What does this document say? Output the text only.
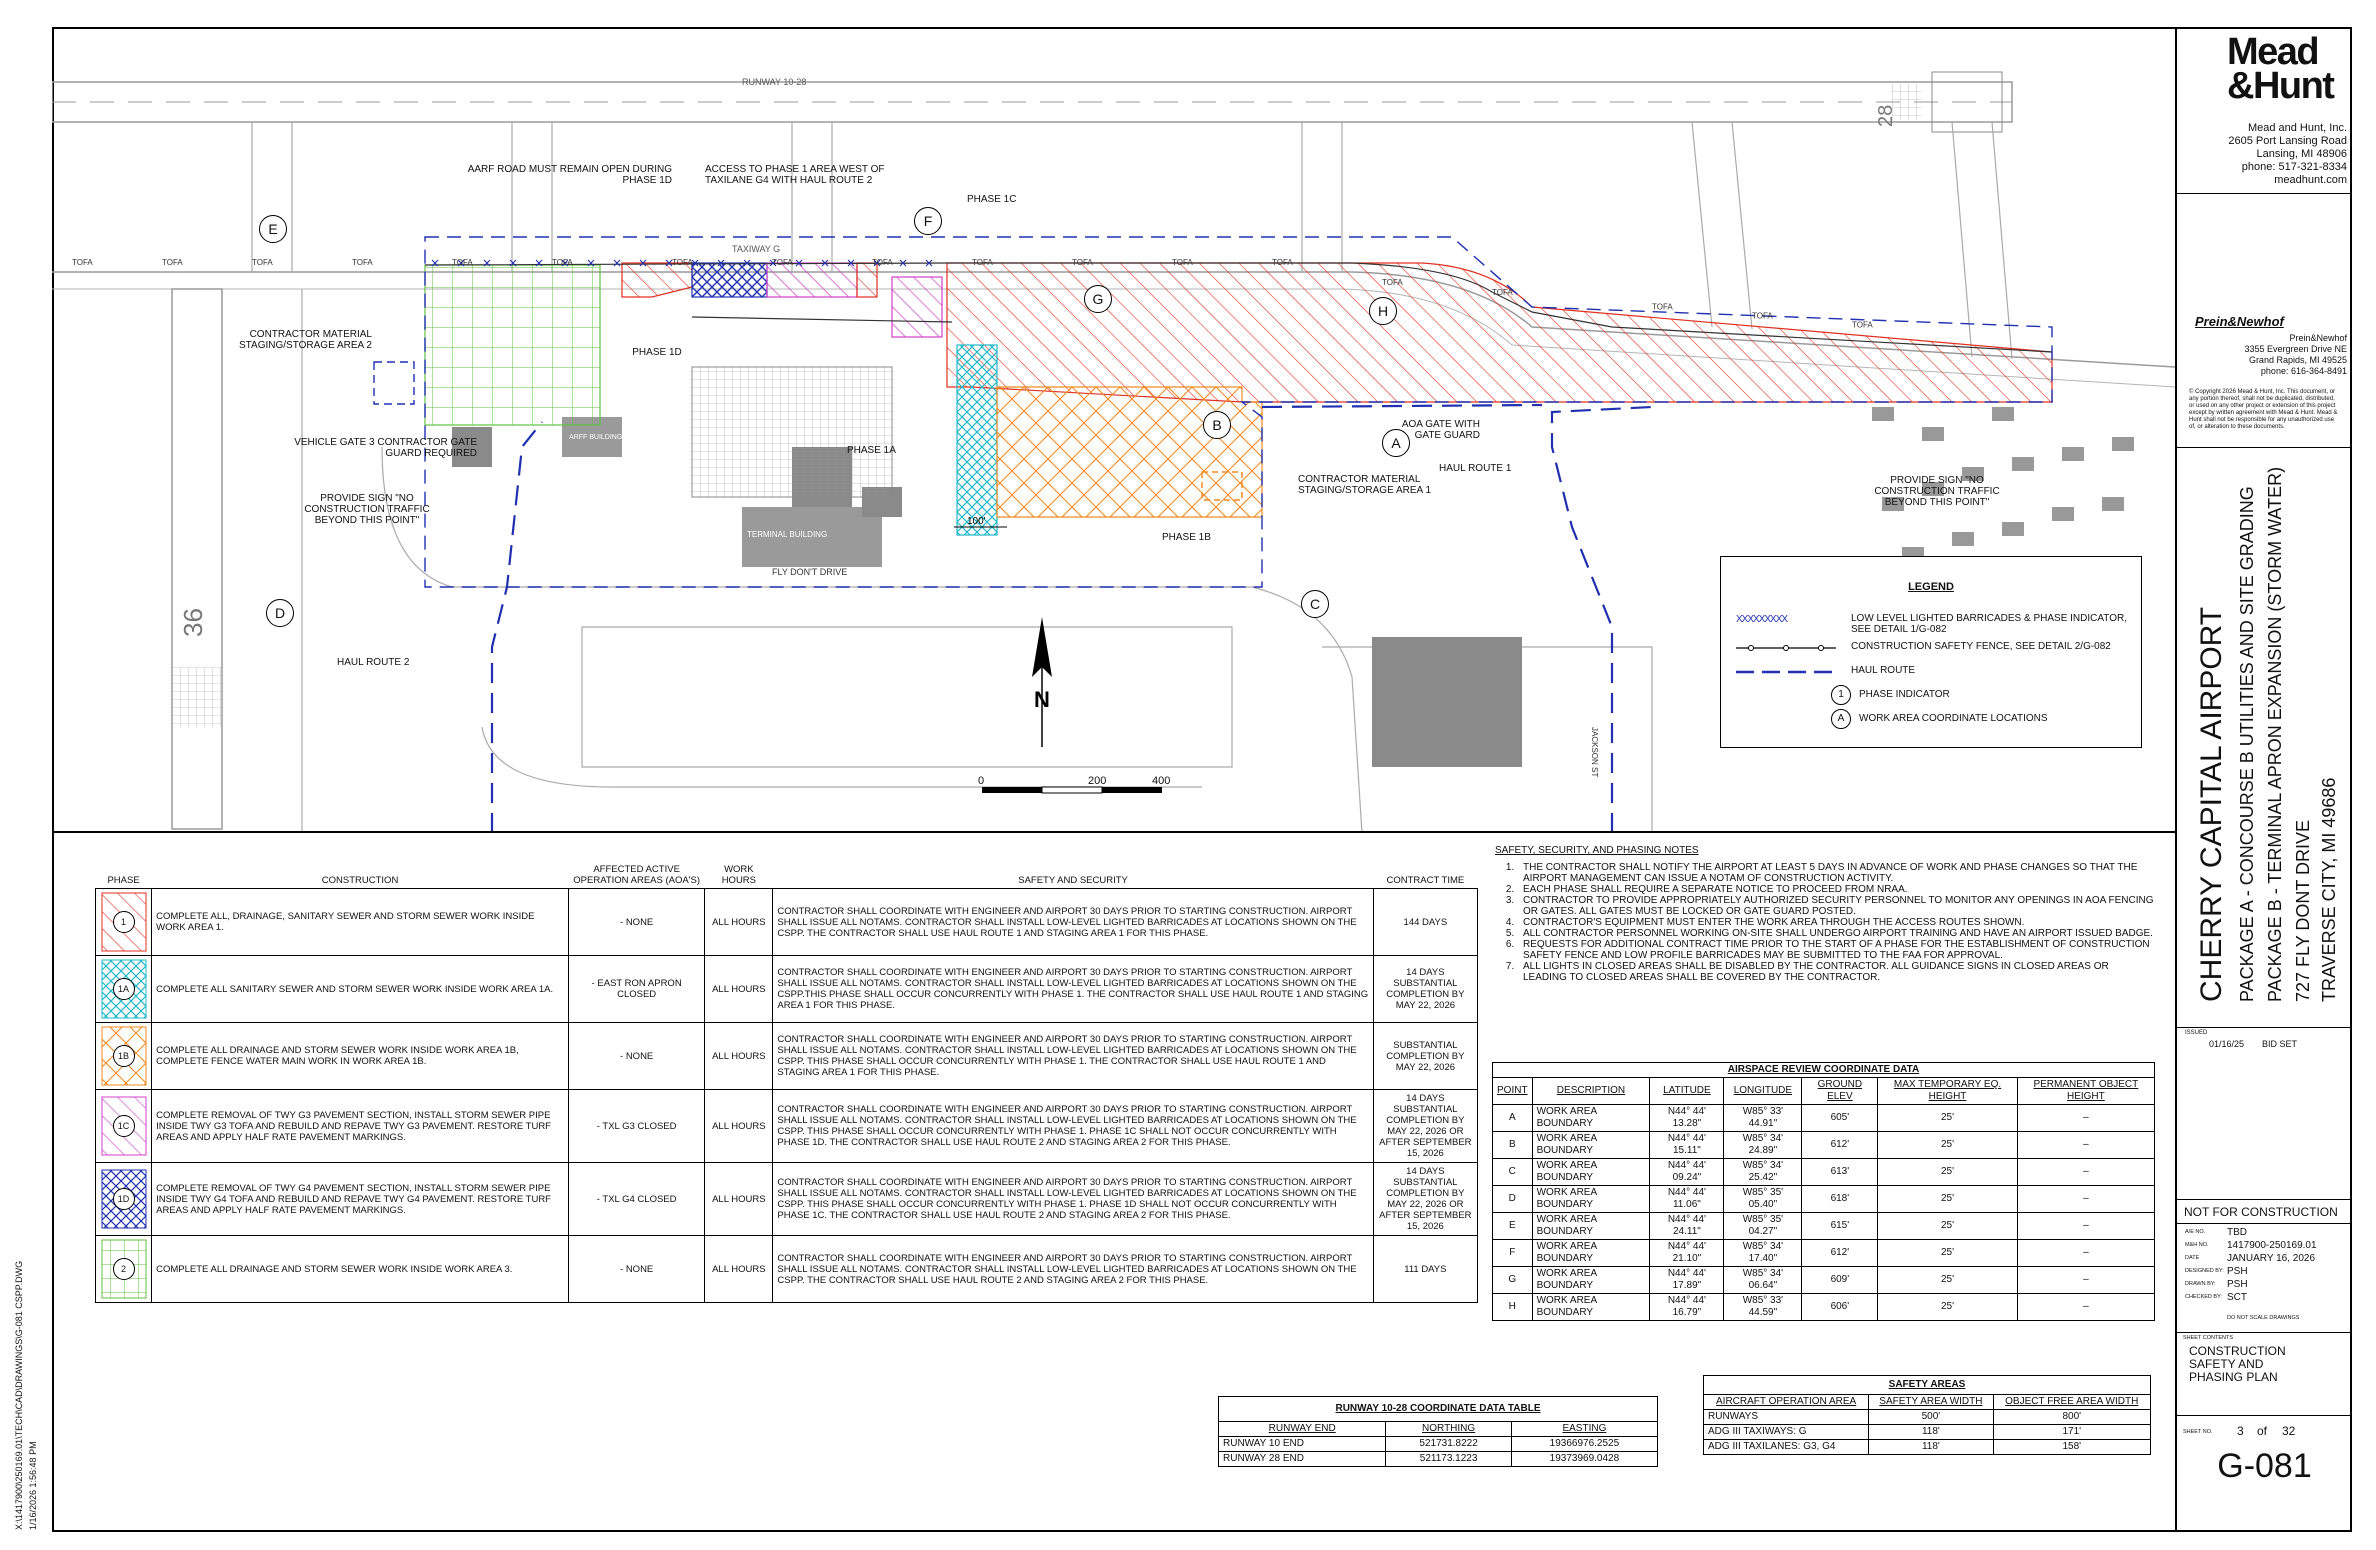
36
28
100'
N
RUNWAY 10-28
TAXIWAY G
FLY DON'T DRIVE
TERMINAL BUILDING
ARFF BUILDING
JACKSON ST
TOFA	TOFA	TOFA	TOFA	TOFA	TOFA	TOFA	TOFA	TOFA	TOFA	TOFA	TOFA	TOFA
TOFA
TOFA
TOFA
TOFA
TOFA
E	F
G
H
B
C
D
A
AARF ROAD MUST REMAIN OPEN DURING PHASE 1D
ACCESS TO PHASE 1 AREA WEST OF TAXILANE G4 WITH HAUL ROUTE 2
PHASE 1C
CONTRACTOR MATERIAL STAGING/STORAGE AREA 2
PHASE 1D
VEHICLE GATE 3 CONTRACTOR GATE GUARD REQUIRED
PROVIDE SIGN "NO CONSTRUCTION TRAFFIC BEYOND THIS POINT"
PHASE 1A
PHASE 1B
CONTRACTOR MATERIAL STAGING/STORAGE AREA 1
AOA GATE WITH GATE GUARD
HAUL ROUTE 1
HAUL ROUTE 2
PROVIDE SIGN "NO CONSTRUCTION TRAFFIC BEYOND THIS POINT"
0	200	400
LEGEND
XXXXXXXXX	LOW LEVEL LIGHTED BARRICADES & PHASE INDICATOR, SEE DETAIL 1/G-082
CONSTRUCTION SAFETY FENCE, SEE DETAIL 2/G-082
HAUL ROUTE
1	PHASE INDICATOR
A	WORK AREA COORDINATE LOCATIONS
PHASE	CONSTRUCTION	AFFECTED ACTIVE OPERATION AREAS (AOA'S)	WORK HOURS	SAFETY AND SECURITY	CONTRACT TIME

1	COMPLETE ALL, DRAINAGE, SANITARY SEWER AND STORM SEWER WORK INSIDE WORK AREA 1.	- NONE	ALL HOURS	CONTRACTOR SHALL COORDINATE WITH ENGINEER AND AIRPORT 30 DAYS PRIOR TO STARTING CONSTRUCTION. AIRPORT SHALL ISSUE ALL NOTAMS. CONTRACTOR SHALL INSTALL LOW-LEVEL LIGHTED BARRICADES AT LOCATIONS SHOWN ON THE CSPP. THE CONTRACTOR SHALL USE HAUL ROUTE 1 AND STAGING AREA 1 FOR THIS PHASE.	144 DAYS

1A	COMPLETE ALL SANITARY SEWER AND STORM SEWER WORK INSIDE WORK AREA 1A.	- EAST RON APRON CLOSED	ALL HOURS	CONTRACTOR SHALL COORDINATE WITH ENGINEER AND AIRPORT 30 DAYS PRIOR TO STARTING CONSTRUCTION. AIRPORT SHALL ISSUE ALL NOTAMS. CONTRACTOR SHALL INSTALL LOW-LEVEL LIGHTED BARRICADES AT LOCATIONS SHOWN ON THE CSPP.THIS PHASE SHALL OCCUR CONCURRENTLY WITH PHASE 1. THE CONTRACTOR SHALL USE HAUL ROUTE 1 AND STAGING AREA 1 FOR THIS PHASE.	14 DAYS SUBSTANTIAL COMPLETION BY MAY 22, 2026

1B	COMPLETE ALL DRAINAGE AND STORM SEWER WORK INSIDE WORK AREA 1B, COMPLETE FENCE WATER MAIN WORK IN WORK AREA 1B.	- NONE	ALL HOURS	CONTRACTOR SHALL COORDINATE WITH ENGINEER AND AIRPORT 30 DAYS PRIOR TO STARTING CONSTRUCTION. AIRPORT SHALL ISSUE ALL NOTAMS. CONTRACTOR SHALL INSTALL LOW-LEVEL LIGHTED BARRICADES AT LOCATIONS SHOWN ON THE CSPP. THIS PHASE SHALL OCCUR CONCURRENTLY WITH PHASE 1. THE CONTRACTOR SHALL USE HAUL ROUTE 1 AND STAGING AREA 1 FOR THIS PHASE.	SUBSTANTIAL COMPLETION BY MAY 22, 2026

1C	COMPLETE REMOVAL OF TWY G3 PAVEMENT SECTION, INSTALL STORM SEWER PIPE INSIDE TWY G3 TOFA AND REBUILD AND REPAVE TWY G3 PAVEMENT. RESTORE TURF AREAS AND APPLY HALF RATE PAVEMENT MARKINGS.	- TXL G3 CLOSED	ALL HOURS	CONTRACTOR SHALL COORDINATE WITH ENGINEER AND AIRPORT 30 DAYS PRIOR TO STARTING CONSTRUCTION. AIRPORT SHALL ISSUE ALL NOTAMS. CONTRACTOR SHALL INSTALL LOW-LEVEL LIGHTED BARRICADES AT LOCATIONS SHOWN ON THE CSPP. THIS PHASE SHALL OCCUR CONCURRENTLY WITH PHASE 1. PHASE 1C SHALL NOT OCCUR CONCURRENTLY WITH PHASE 1D. THE CONTRACTOR SHALL USE HAUL ROUTE 2 AND STAGING AREA 2 FOR THIS PHASE.	14 DAYS SUBSTANTIAL COMPLETION BY MAY 22, 2026 OR AFTER SEPTEMBER 15, 2026

1D	COMPLETE REMOVAL OF TWY G4 PAVEMENT SECTION, INSTALL STORM SEWER PIPE INSIDE TWY G4 TOFA AND REBUILD AND REPAVE TWY G4 PAVEMENT. RESTORE TURF AREAS AND APPLY HALF RATE PAVEMENT MARKINGS.	- TXL G4 CLOSED	ALL HOURS	CONTRACTOR SHALL COORDINATE WITH ENGINEER AND AIRPORT 30 DAYS PRIOR TO STARTING CONSTRUCTION. AIRPORT SHALL ISSUE ALL NOTAMS. CONTRACTOR SHALL INSTALL LOW-LEVEL LIGHTED BARRICADES AT LOCATIONS SHOWN ON THE CSPP. THIS PHASE SHALL OCCUR CONCURRENTLY WITH PHASE 1. PHASE 1D SHALL NOT OCCUR CONCURRENTLY WITH PHASE 1C. THE CONTRACTOR SHALL USE HAUL ROUTE 2 AND STAGING AREA 2 FOR THIS PHASE.	14 DAYS SUBSTANTIAL COMPLETION BY MAY 22, 2026 OR AFTER SEPTEMBER 15, 2026

2	COMPLETE ALL DRAINAGE AND STORM SEWER WORK INSIDE WORK AREA 3.	- NONE	ALL HOURS	CONTRACTOR SHALL COORDINATE WITH ENGINEER AND AIRPORT 30 DAYS PRIOR TO STARTING CONSTRUCTION. AIRPORT SHALL ISSUE ALL NOTAMS. CONTRACTOR SHALL INSTALL LOW-LEVEL LIGHTED BARRICADES AT LOCATIONS SHOWN ON THE CSPP. THE CONTRACTOR SHALL USE HAUL ROUTE 2 AND STAGING AREA 2 FOR THIS PHASE.	111 DAYS
SAFETY, SECURITY, AND PHASING NOTES
1. THE CONTRACTOR SHALL NOTIFY THE AIRPORT AT LEAST 5 DAYS IN ADVANCE OF WORK AND PHASE CHANGES SO THAT THE AIRPORT MANAGEMENT CAN ISSUE A NOTAM OF CONSTRUCTION ACTIVITY.
2. EACH PHASE SHALL REQUIRE A SEPARATE NOTICE TO PROCEED FROM NRAA.
3. CONTRACTOR TO PROVIDE APPROPRIATELY AUTHORIZED SECURITY PERSONNEL TO MONITOR ANY OPENINGS IN AOA FENCING OR GATES. ALL GATES MUST BE LOCKED OR GATE GUARD POSTED.
4. CONTRACTOR'S EQUIPMENT MUST ENTER THE WORK AREA THROUGH THE ACCESS ROUTES SHOWN.
5. ALL CONTRACTOR PERSONNEL WORKING ON-SITE SHALL UNDERGO AIRPORT TRAINING AND HAVE AN AIRPORT ISSUED BADGE.
6. REQUESTS FOR ADDITIONAL CONTRACT TIME PRIOR TO THE START OF A PHASE FOR THE ESTABLISHMENT OF CONSTRUCTION SAFETY FENCE AND LOW PROFILE BARRICADES MAY BE SUBMITTED TO THE FAA FOR APPROVAL.
7. ALL LIGHTS IN CLOSED AREAS SHALL BE DISABLED BY THE CONTRACTOR. ALL GUIDANCE SIGNS IN CLOSED AREAS OR LEADING TO CLOSED AREAS SHALL BE COVERED BY THE CONTRACTOR.
AIRSPACE REVIEW COORDINATE DATA						
POINT	DESCRIPTION	LATITUDE	LONGITUDE	GROUND ELEV	MAX TEMPORARY EQ. HEIGHT	PERMANENT OBJECT HEIGHT
A	WORK AREA BOUNDARY	N44° 44' 13.28"	W85° 33' 44.91"	605'	25'	–
B	WORK AREA BOUNDARY	N44° 44' 15.11"	W85° 34' 24.89"	612'	25'	–
C	WORK AREA BOUNDARY	N44° 44' 09.24"	W85° 34' 25.42"	613'	25'	–
D	WORK AREA BOUNDARY	N44° 44' 11.06"	W85° 35' 05.40"	618'	25'	–
E	WORK AREA BOUNDARY	N44° 44' 24.11"	W85° 35' 04.27"	615'	25'	–
F	WORK AREA BOUNDARY	N44° 44' 21.10"	W85° 34' 17.40"	612'	25'	–
G	WORK AREA BOUNDARY	N44° 44' 17.89"	W85° 34' 06.64"	609'	25'	–
H	WORK AREA BOUNDARY	N44° 44' 16.79"	W85° 33' 44.59"	606'	25'	–
RUNWAY 10-28 COORDINATE DATA TABLE		
RUNWAY END	NORTHING	EASTING
RUNWAY 10 END	521731.8222	19366976.2525
RUNWAY 28 END	521173.1223	19373969.0428
SAFETY AREAS		
AIRCRAFT OPERATION AREA	SAFETY AREA WIDTH	OBJECT FREE AREA WIDTH
RUNWAYS	500'	800'
ADG III TAXIWAYS: G	118'	171'
ADG III TAXILANES: G3, G4	118'	158'
X:\1417900\250169.01\TECH\CAD\DRAWINGS\G-081 CSPP.DWG 1/16/2026 1:56:48 PM
Mead
&Hunt
Mead and Hunt, Inc.
2605 Port Lansing Road
Lansing, MI 48906
phone: 517-321-8334
meadhunt.com
Prein&Newhof
Prein&Newhof
3355 Evergreen Drive NE
Grand Rapids, MI 49525
phone: 616-364-8491
© Copyright 2026 Mead & Hunt, Inc. This document, or any portion thereof, shall not be duplicated, distributed, or used on any other project or extension of this project except by written agreement with Mead & Hunt. Mead & Hunt shall not be responsible for any unauthorized use of, or alteration to these documents.
CHERRY CAPITAL AIRPORT PACKAGE A - CONCOURSE B UTILITIES AND SITE GRADING PACKAGE B - TERMINAL APRON EXPANSION (STORM WATER) 727 FLY DONT DRIVE TRAVERSE CITY, MI 49686
ISSUED
01/16/25 BID SET
NOT FOR CONSTRUCTION
A/E NO. TBD
M&H NO. 1417900-250169.01
DATE	JANUARY 16, 2026
DESIGNED BY: PSH
DRAWN BY: PSH
CHECKED BY: SCT
DO NOT SCALE DRAWINGS
SHEET CONTENTS
CONSTRUCTION SAFETY AND PHASING PLAN
SHEET NO. 3 of 32
G-081
